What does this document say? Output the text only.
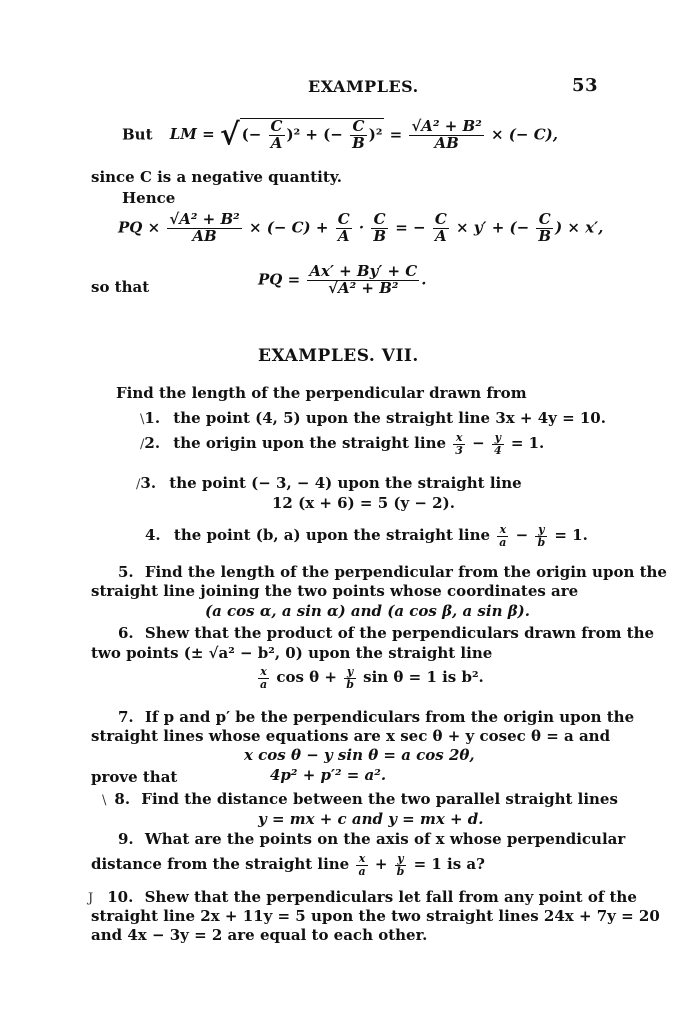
EXAMPLES.	53
But LM = √(− $\frac{C}{A} )^2$ + (− $\frac{C}{B} )^2 = \frac{\text{√A² + B²}}{AB}$ × (− C),
since C is a negative quantity.
Hence
PQ × $\frac{\text{√A² + B²}}{AB}$ × (− $C) + \frac{C}{A} \cdot \frac{C}{B}$ = − $\frac{C}{A} \times y'$ + (− $\frac{C}{B}$ ) × x′,
so that	PQ = $\frac{Ax' + By' + C}{\text{√A² + B²}}$ .
EXAMPLES. VII.
Find the length of the perpendicular drawn from
\1. the point (4, 5) upon the straight line 3x + 4y = 10.
/2. the origin upon the straight line $\frac{x}{3} - \frac{y}{4} = 1$.
/3. the point (− 3, − 4) upon the straight line
12 (x + 6) = 5 (y − 2).
4. the point (b, a) upon the straight line $\frac{x}{a} - \frac{y}{b} = 1$.
5. Find the length of the perpendicular from the origin upon the
straight line joining the two points whose coordinates are
(a cos α, a sin α) and (a cos β, a sin β).
6. Shew that the product of the perpendiculars drawn from the
two points (± √a² − b², 0) upon the straight line
$\frac{x}{a}$ $\cos \theta + \frac{y}{b}$ sin θ = 1 is b².
7. If p and p′ be the perpendiculars from the origin upon the
straight lines whose equations are x sec θ + y cosec θ = a and
x cos θ − y sin θ = a cos 2θ,
prove that	4p² + p′² = a².
\ 8. Find the distance between the two parallel straight lines
y = mx + c and y = mx + d.
9. What are the points on the axis of x whose perpendicular
distance from the straight line $\frac{x}{a} + \frac{y}{b} = 1$ is a?
J 10. Shew that the perpendiculars let fall from any point of the
straight line 2x + 11y = 5 upon the two straight lines 24x + 7y = 20
and 4x − 3y = 2 are equal to each other.
